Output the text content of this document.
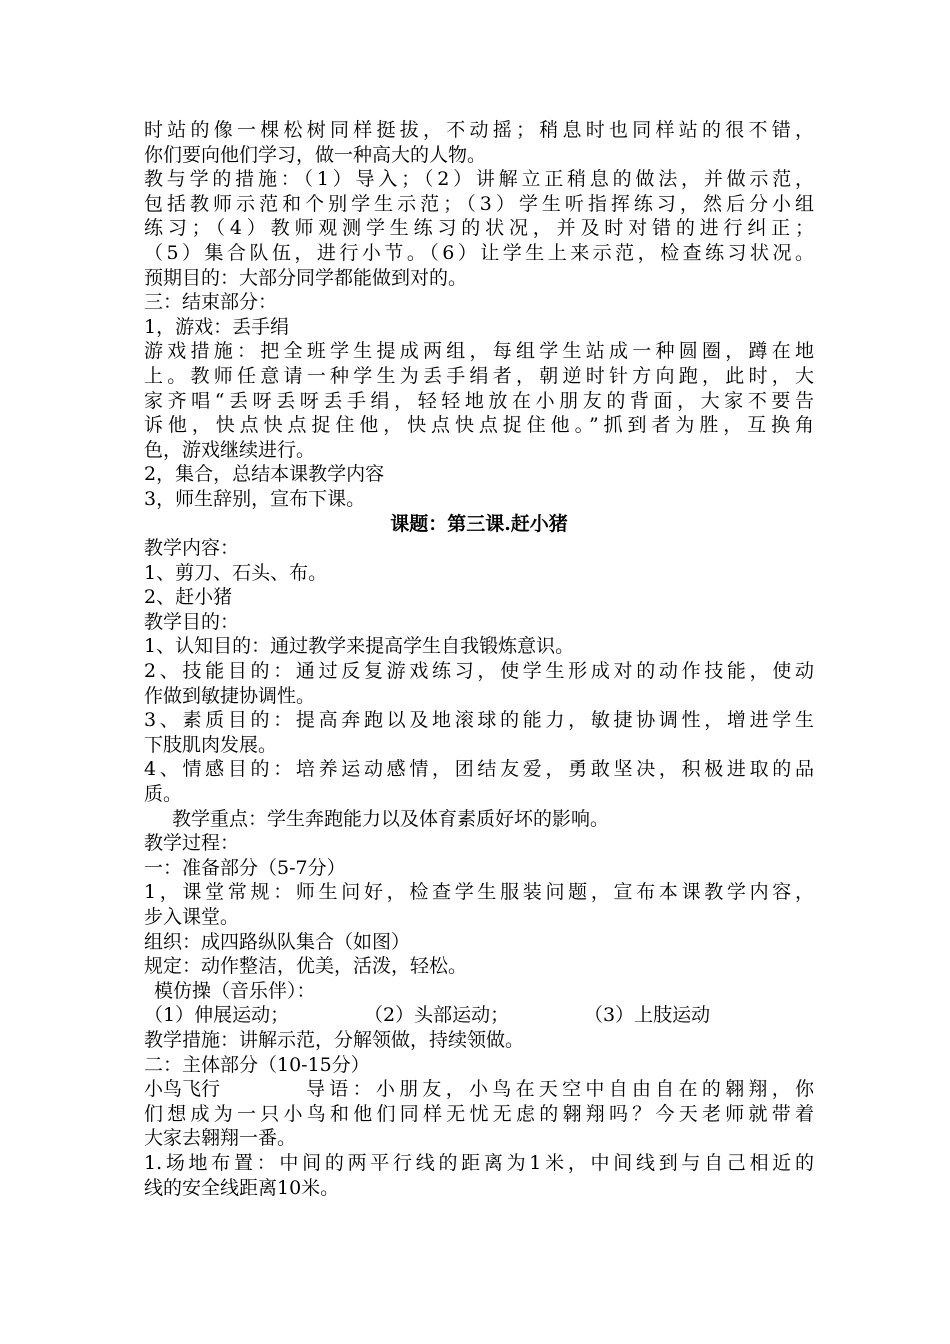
时站的像一棵松树同样挺拔，不动摇；稍息时也同样站的很不错，
你们要向他们学习，做一种高大的人物。
教与学的措施：（1）导入；（2）讲解立正稍息的做法，并做示范，
包括教师示范和个别学生示范；（3）学生听指挥练习，然后分小组
练习；（4）教师观测学生练习的状况，并及时对错的进行纠正；
（5）集合队伍，进行小节。（6）让学生上来示范，检查练习状况。
预期目的：大部分同学都能做到对的。
三：结束部分：
1，游戏：丢手绢
游戏措施：把全班学生提成两组，每组学生站成一种圆圈，蹲在地
上。教师任意请一种学生为丢手绢者，朝逆时针方向跑，此时，大
家齐唱“丢呀丢呀丢手绢，轻轻地放在小朋友的背面，大家不要告
诉他，快点快点捉住他，快点快点捉住他。”抓到者为胜，互换角
色，游戏继续进行。
2，集合，总结本课教学内容
3，师生辞别，宣布下课。
课题：第三课.赶小猪
教学内容：
1、剪刀、石头、布。
2、赶小猪
教学目的：
1、认知目的：通过教学来提高学生自我锻炼意识。
2、技能目的：通过反复游戏练习，使学生形成对的动作技能，使动
作做到敏捷协调性。
3、素质目的：提高奔跑以及地滚球的能力，敏捷协调性，增进学生
下肢肌肉发展。
4、情感目的：培养运动感情，团结友爱，勇敢坚决，积极进取的品
质。
教学重点：学生奔跑能力以及体育素质好坏的影响。
教学过程：
一：准备部分（5-7分）
1，课堂常规：师生问好，检查学生服装问题，宣布本课教学内容，
步入课堂。
组织：成四路纵队集合（如图）
规定：动作整洁，优美，活泼，轻松。
模仿操（音乐伴）：
（1）伸展运动；	（2）头部运动；	（3）上肢运动
教学措施：讲解示范，分解领做，持续领做。
二：主体部分（10-15分）
小鸟飞行	导语：小朋友，小鸟在天空中自由自在的翱翔，你
们想成为一只小鸟和他们同样无忧无虑的翱翔吗？今天老师就带着
大家去翱翔一番。
1.场地布置：中间的两平行线的距离为1米，中间线到与自己相近的
线的安全线距离10米。
